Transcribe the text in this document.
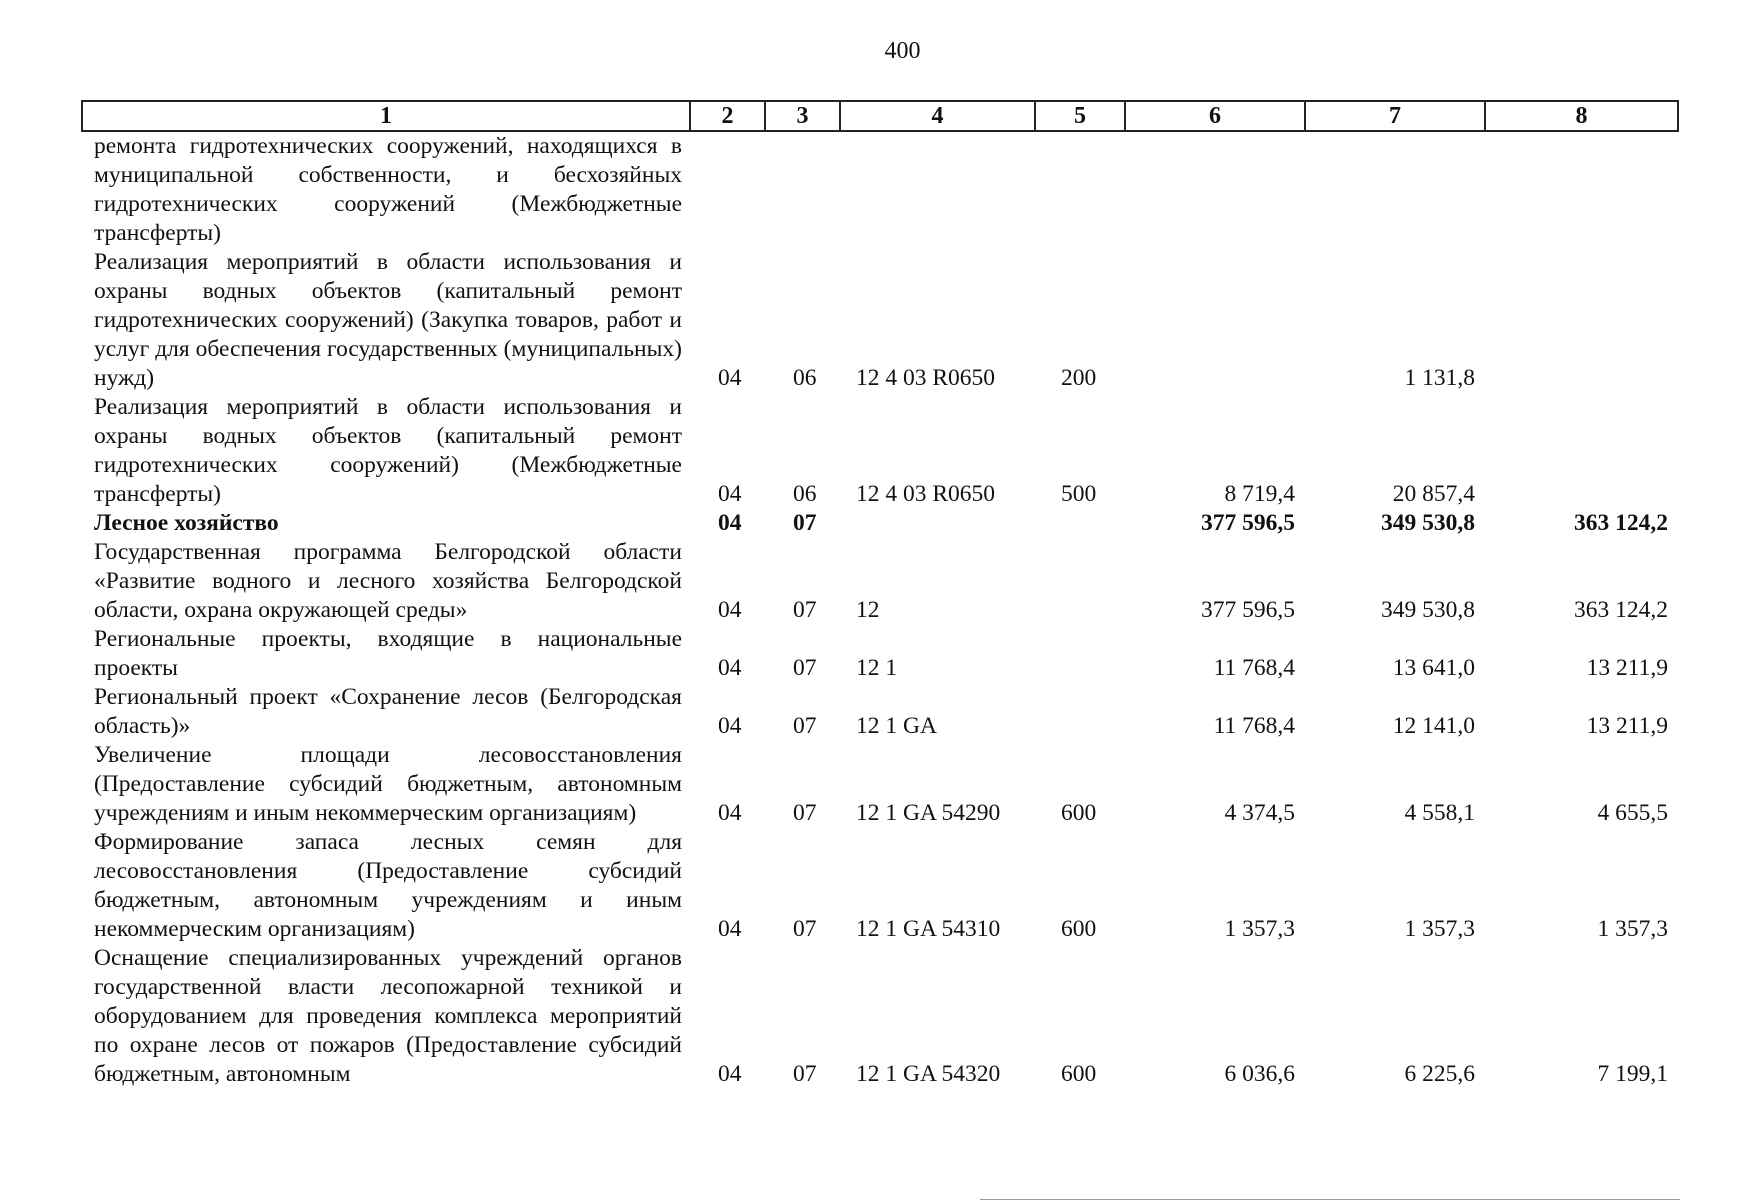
400
1	2	3	4	5	6	7	8
ремонта гидротехнических сооружений, находящихся в муниципальной собственности, и бесхозяйных гидротехнических сооружений (Межбюджетные трансферты)							
Реализация мероприятий в области использования и охраны водных объектов (капитальный ремонт гидротехнических сооружений) (Закупка товаров, работ и услуг для обеспечения государственных (муниципальных) нужд)	04	06	12 4 03 R0650	200		1 131,8	
Реализация мероприятий в области использования и охраны водных объектов (капитальный ремонт гидротехнических сооружений) (Межбюджетные трансферты)	04	06	12 4 03 R0650	500	8 719,4	20 857,4	
Лесное хозяйство	04	07			377 596,5	349 530,8	363 124,2
Государственная программа Белгородской области «Развитие водного и лесного хозяйства Белгородской области, охрана окружающей среды»	04	07	12		377 596,5	349 530,8	363 124,2
Региональные проекты, входящие в национальные проекты	04	07	12 1		11 768,4	13 641,0	13 211,9
Региональный проект «Сохранение лесов (Белгородская область)»	04	07	12 1 GA		11 768,4	12 141,0	13 211,9
Увеличение площади лесовосстановления (Предоставление субсидий бюджетным, автономным учреждениям и иным некоммерческим организациям)	04	07	12 1 GA 54290	600	4 374,5	4 558,1	4 655,5
Формирование запаса лесных семян для лесовосстановления (Предоставление субсидий бюджетным, автономным учреждениям и иным некоммерческим организациям)	04	07	12 1 GA 54310	600	1 357,3	1 357,3	1 357,3
Оснащение специализированных учреждений органов государственной власти лесопожарной техникой и оборудованием для проведения комплекса мероприятий по охране лесов от пожаров (Предоставление субсидий бюджетным, автономным	04	07	12 1 GA 54320	600	6 036,6	6 225,6	7 199,1
